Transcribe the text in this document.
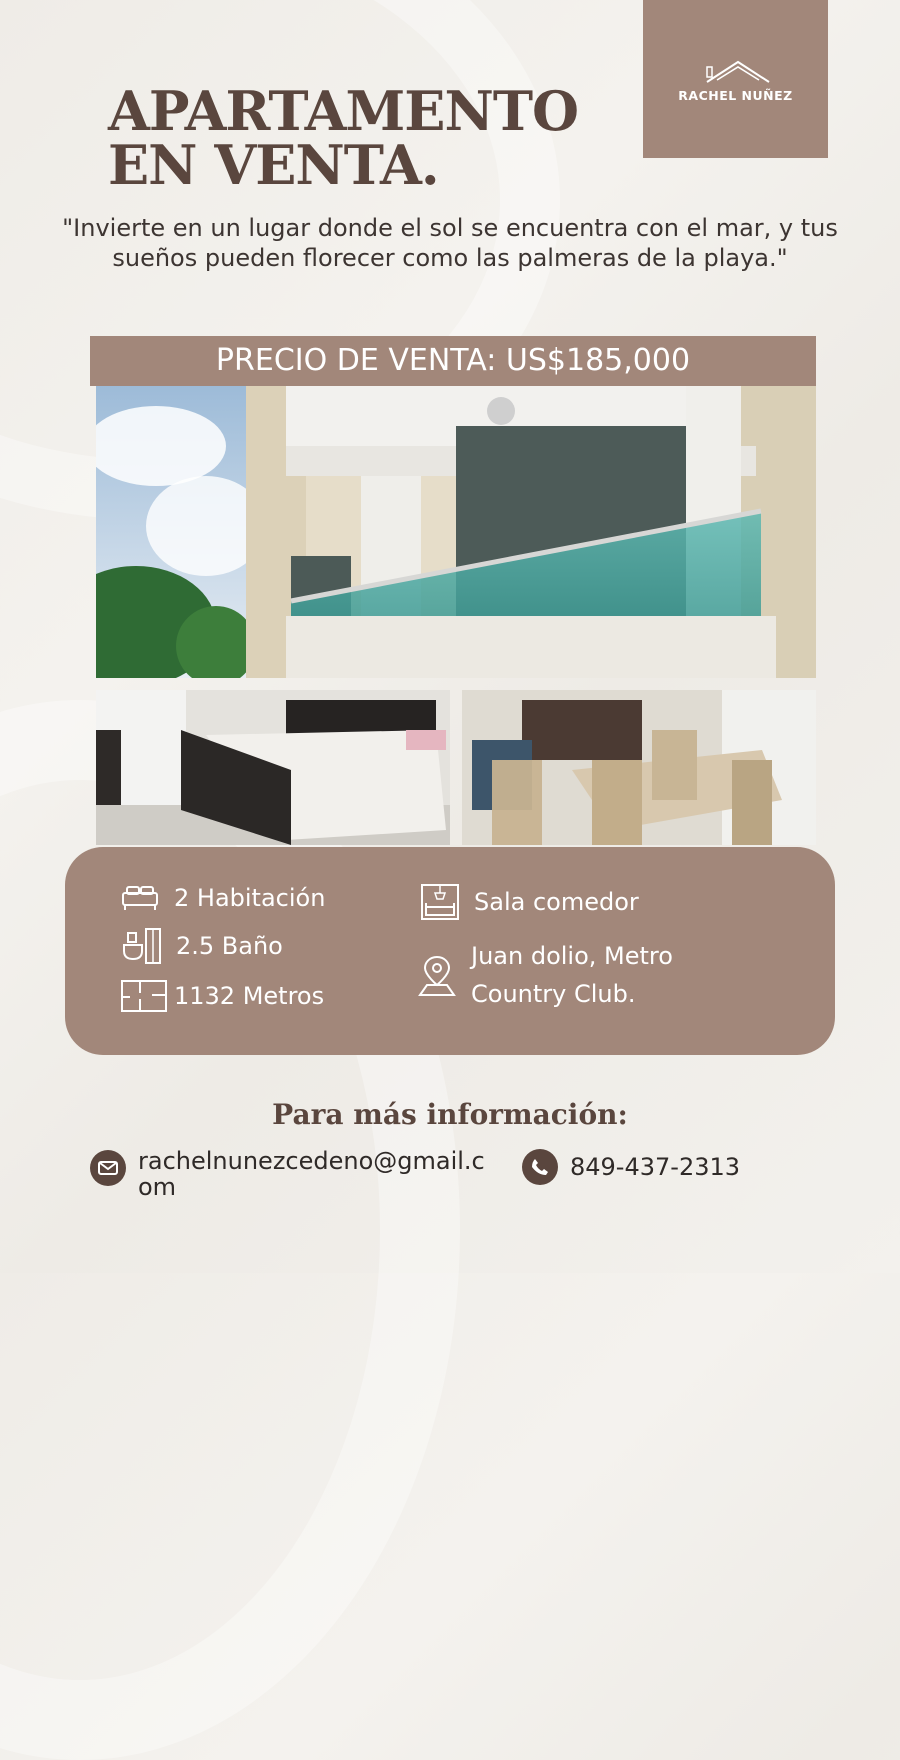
RACHEL NUÑEZ
APARTAMENTO
EN VENTA.

"Invierte en un lugar donde el sol se encuentra con el mar, y tus sueños pueden florecer como las palmeras de la playa."

PRECIO DE VENTA: US$185,000
2 Habitación
2.5 Baño
1132 Metros
Sala comedor
Juan dolio, Metro Country Club.
Para más información:
rachelnunezcedeno@gmail.com
849-437-2313
